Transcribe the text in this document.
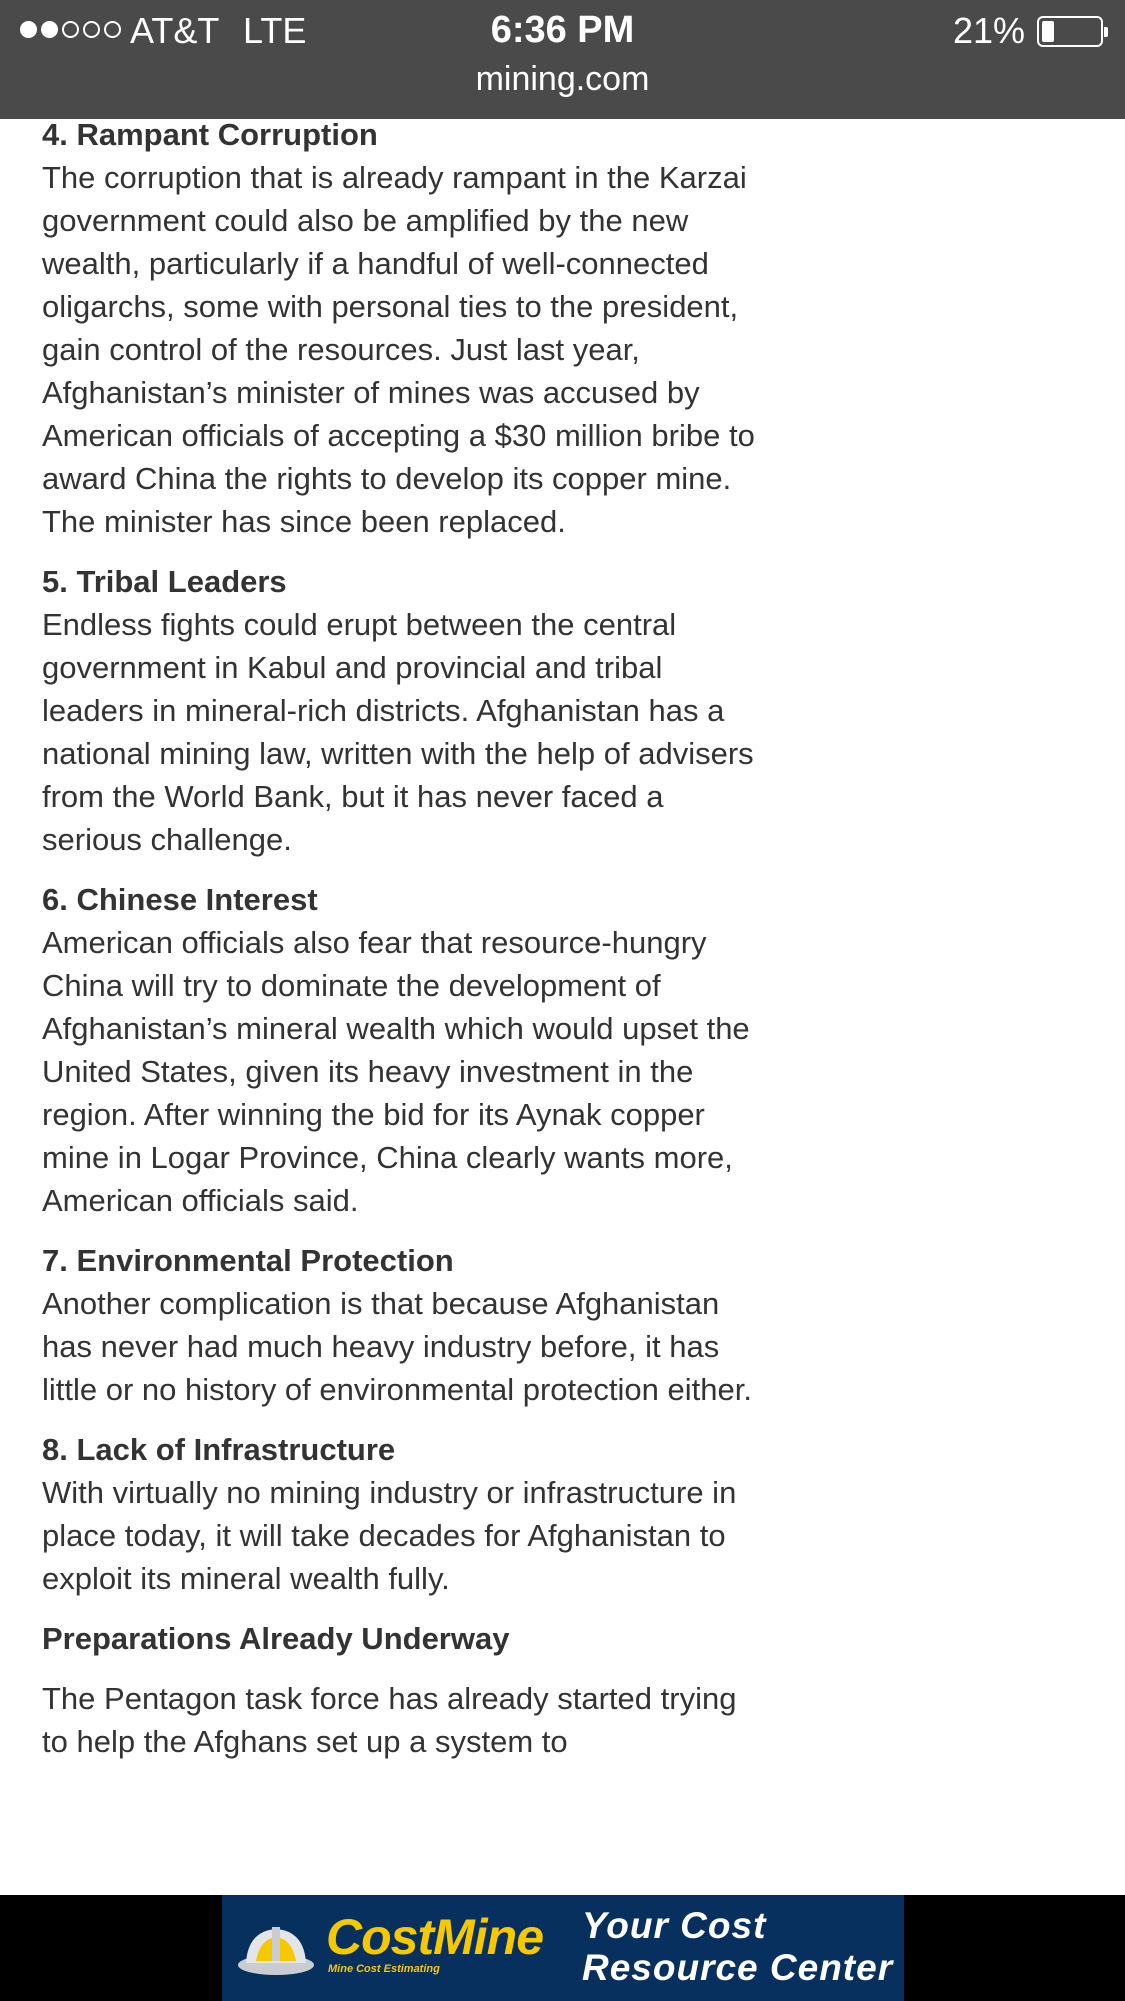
AT&T LTE	6:36 PM	21%
mining.com
4. Rampant Corruption
The corruption that is already rampant in the Karzai government could also be amplified by the new wealth, particularly if a handful of well-connected oligarchs, some with personal ties to the president, gain control of the resources. Just last year, Afghanistan’s minister of mines was accused by American officials of accepting a $30 million bribe to award China the rights to develop its copper mine. The minister has since been replaced.
5. Tribal Leaders
Endless fights could erupt between the central government in Kabul and provincial and tribal leaders in mineral-rich districts. Afghanistan has a national mining law, written with the help of advisers from the World Bank, but it has never faced a serious challenge.
6. Chinese Interest
American officials also fear that resource-hungry China will try to dominate the development of Afghanistan’s mineral wealth which would upset the United States, given its heavy investment in the region. After winning the bid for its Aynak copper mine in Logar Province, China clearly wants more, American officials said.
7. Environmental Protection
Another complication is that because Afghanistan has never had much heavy industry before, it has little or no history of environmental protection either.
8. Lack of Infrastructure
With virtually no mining industry or infrastructure in place today, it will take decades for Afghanistan to exploit its mineral wealth fully.
Preparations Already Underway
The Pentagon task force has already started trying to help the Afghans set up a system to
CostMine
Mine Cost Estimating
Your Cost
Resource Center
